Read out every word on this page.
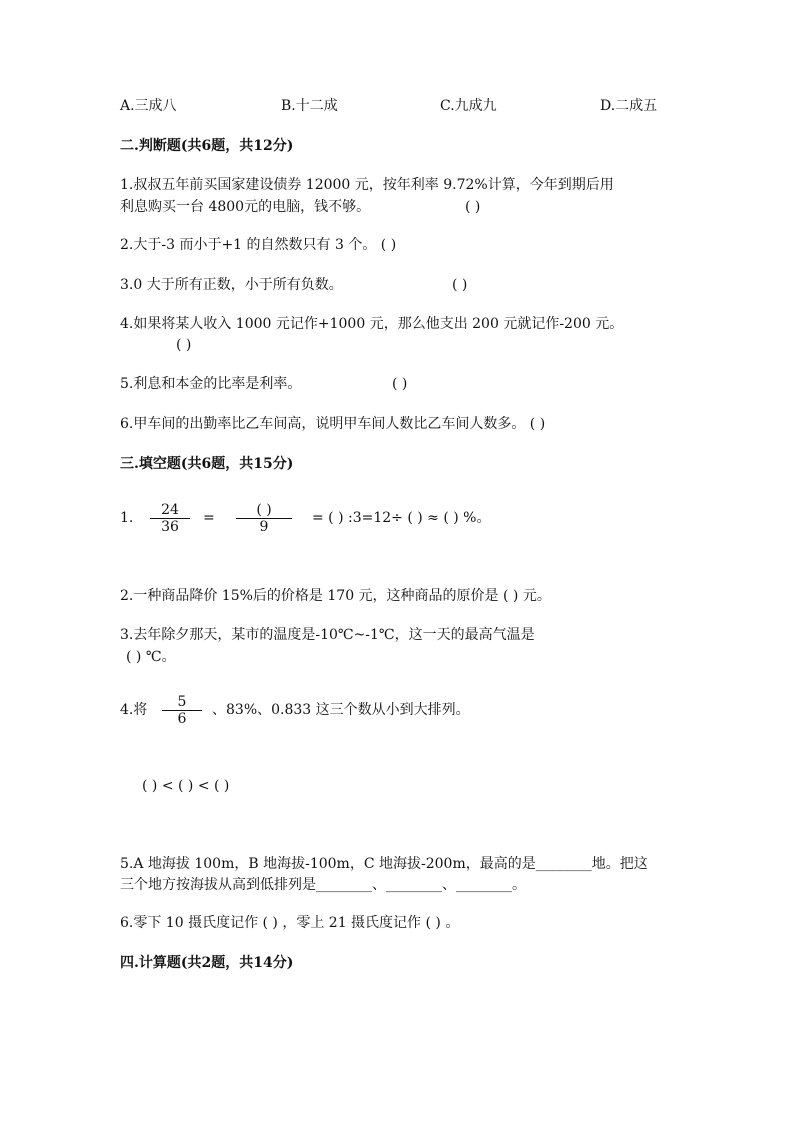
A.三成八	B.十二成	C.九成九	D.二成五
二.判断题(共6题，共12分)
1.叔叔五年前买国家建设债券 12000 元，按年利率 9.72%计算，今年到期后用
利息购买一台 4800元的电脑，钱不够。	( )
2.大于-3 而小于+1 的自然数只有 3 个。 ( )
3.0 大于所有正数，小于所有负数。	( )
4.如果将某人收入 1000 元记作+1000 元，那么他支出 200 元就记作-200 元。
( )
5.利息和本金的比率是利率。	( )
6.甲车间的出勤率比乙车间高，说明甲车间人数比乙车间人数多。 ( )
三.填空题(共6题，共15分)
1. $\frac{24}{36}$ =	( )
9
= ( ) :3=12÷ ( ) ≈ ( ) %。
2.一种商品降价 15%后的价格是 170 元，这种商品的原价是 ( ) 元。
3.去年除夕那天，某市的温度是-10℃~-1℃，这一天的最高气温是
( ) ℃。
4.将 $\frac{5}{6}$ 、83%、0.833 这三个数从小到大排列。
( ) < ( ) < ( )
5.A 地海拔 100m，B 地海拔-100m，C 地海拔-200m，最高的是________地。把这
三个地方按海拔从高到低排列是________、________、________。
6.零下 10 摄氏度记作 ( ) ，零上 21 摄氏度记作 ( ) 。
四.计算题(共2题，共14分)
